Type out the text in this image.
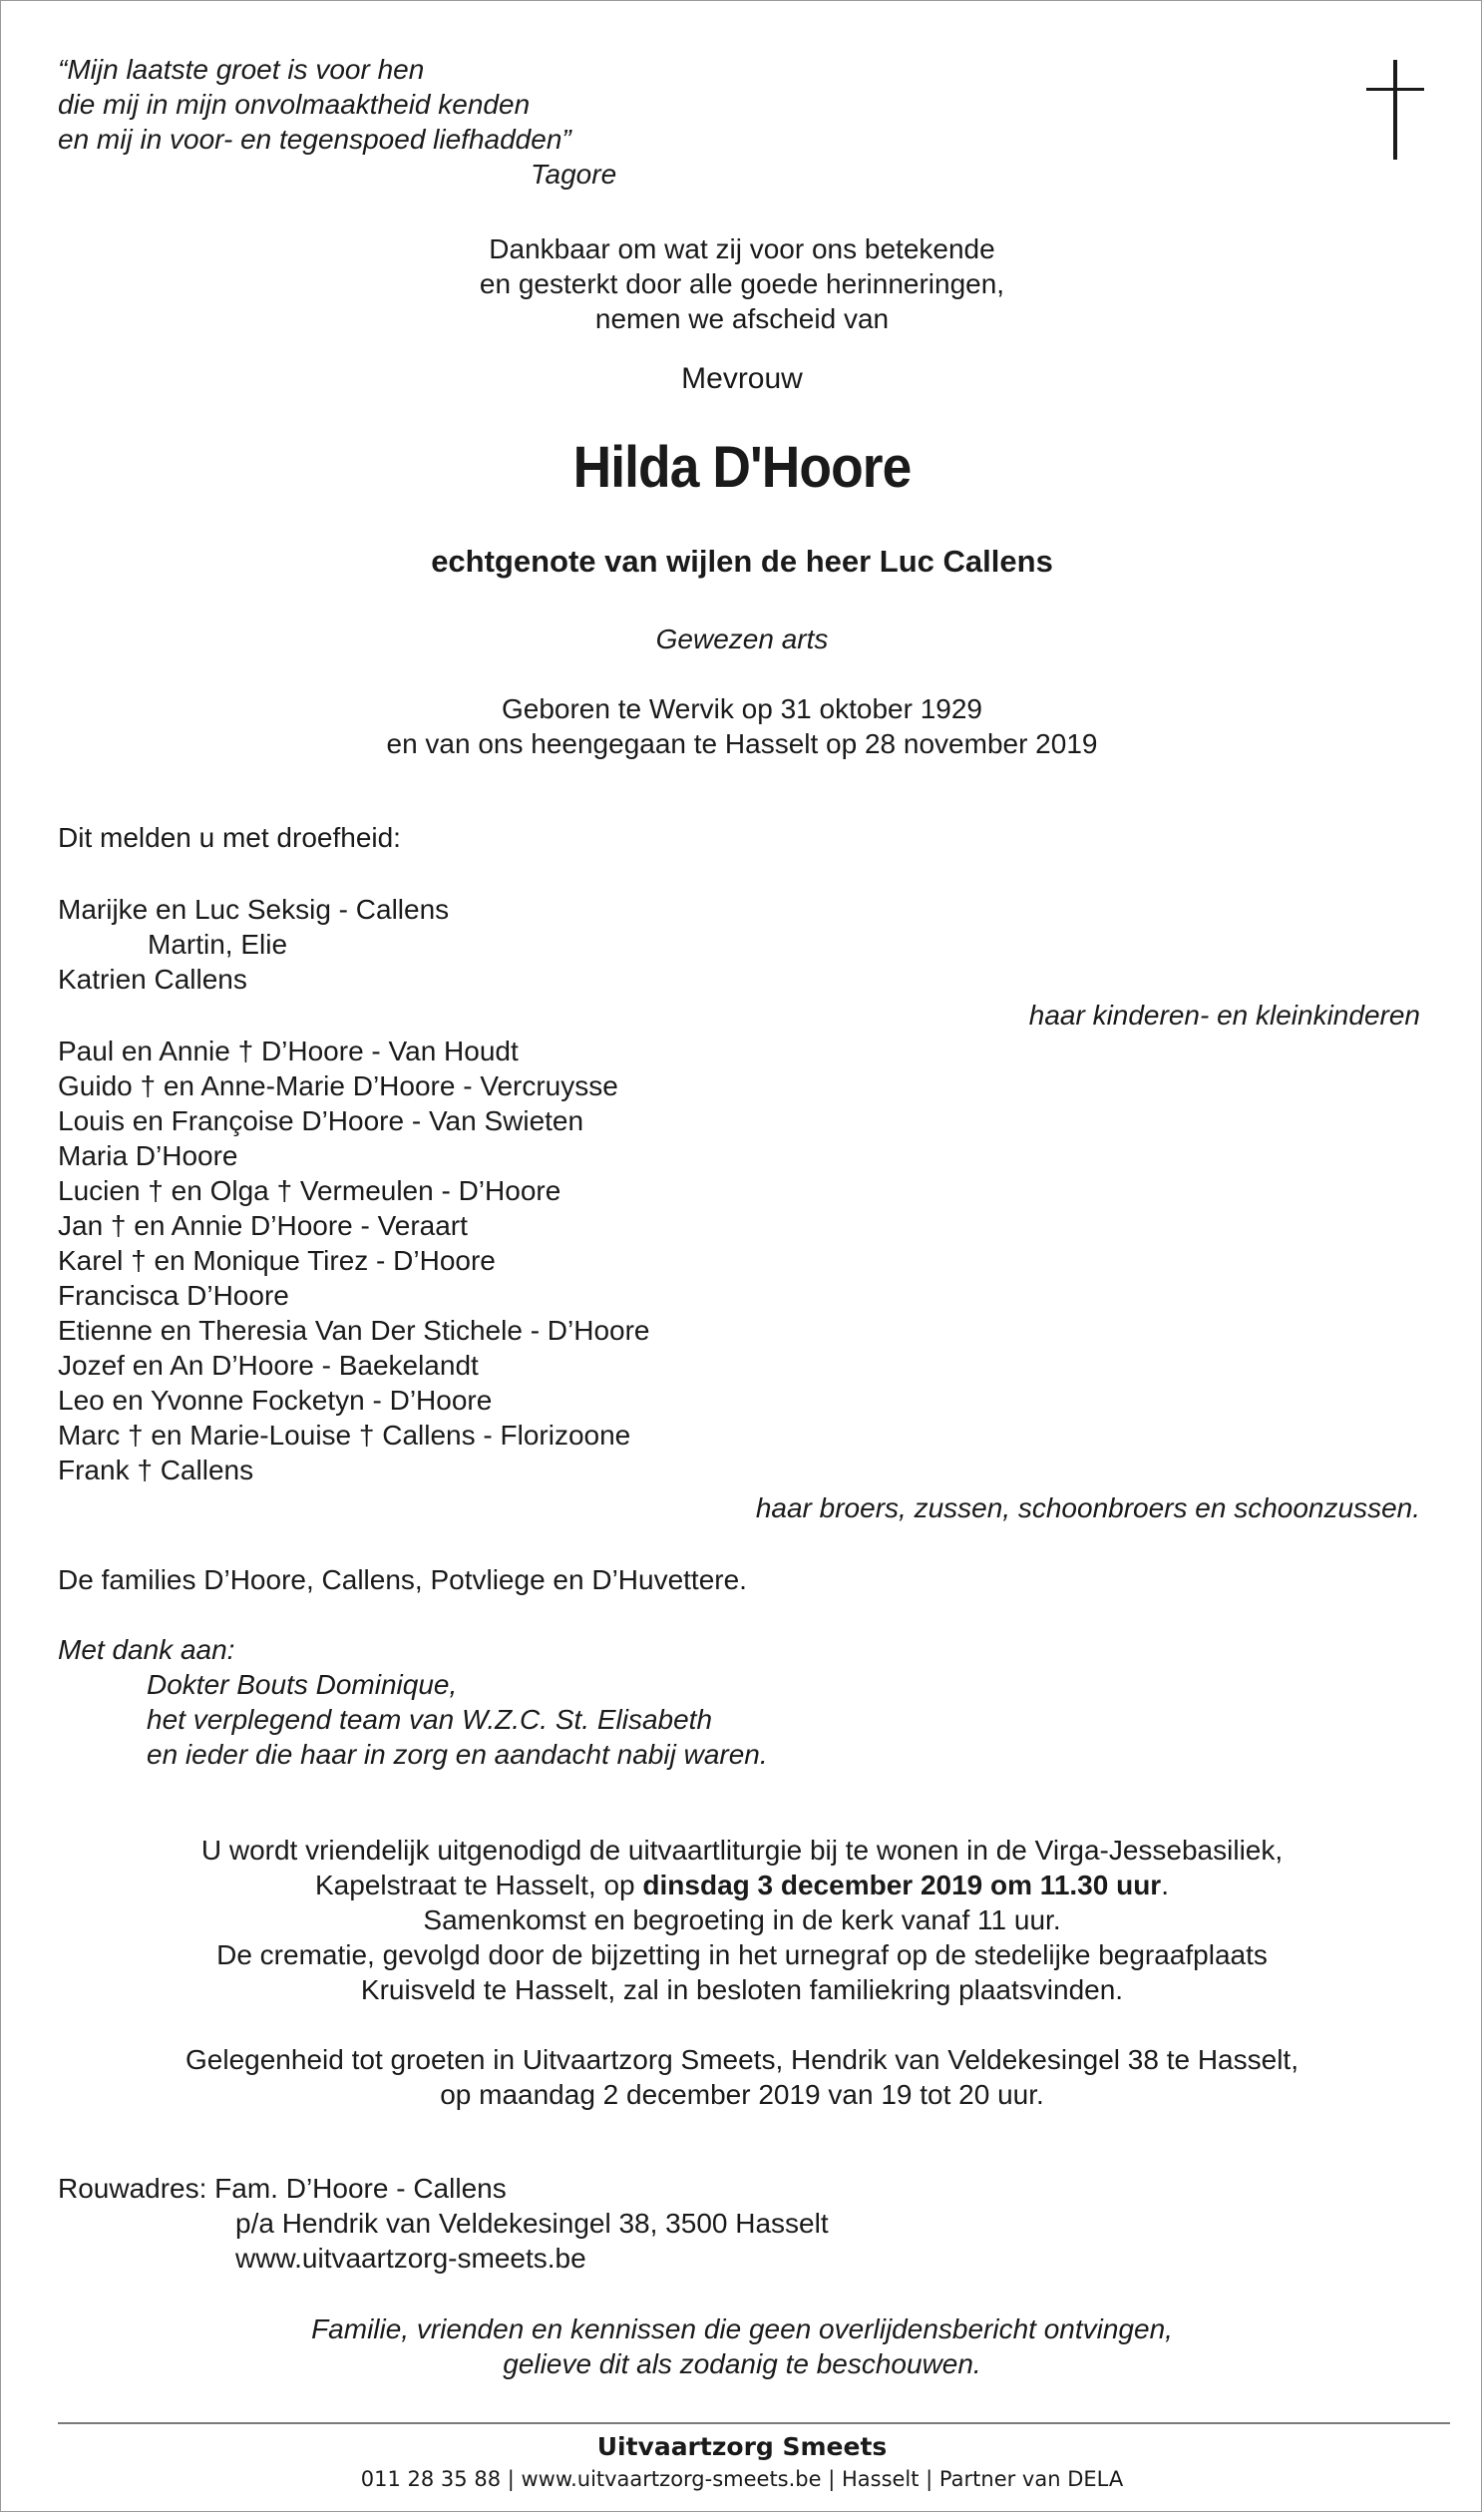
“Mijn laatste groet is voor hen
die mij in mijn onvolmaaktheid kenden
en mij in voor- en tegenspoed liefhadden”
Tagore
Dankbaar om wat zij voor ons betekende
en gesterkt door alle goede herinneringen,
nemen we afscheid van
Mevrouw
Hilda D'Hoore
echtgenote van wijlen de heer Luc Callens
Gewezen arts
Geboren te Wervik op 31 oktober 1929
en van ons heengegaan te Hasselt op 28 november 2019
Dit melden u met droefheid:
Marijke en Luc Seksig - Callens
Martin, Elie
Katrien Callens
haar kinderen- en kleinkinderen
Paul en Annie † D’Hoore - Van Houdt
Guido † en Anne-Marie D’Hoore - Vercruysse
Louis en Françoise D’Hoore - Van Swieten
Maria D’Hoore
Lucien † en Olga † Vermeulen - D’Hoore
Jan † en Annie D’Hoore - Veraart
Karel † en Monique Tirez - D’Hoore
Francisca D’Hoore
Etienne en Theresia Van Der Stichele - D’Hoore
Jozef en An D’Hoore - Baekelandt
Leo en Yvonne Focketyn - D’Hoore
Marc † en Marie-Louise † Callens - Florizoone
Frank † Callens
haar broers, zussen, schoonbroers en schoonzussen.
De families D’Hoore, Callens, Potvliege en D’Huvettere.
Met dank aan:
Dokter Bouts Dominique,
het verplegend team van W.Z.C. St. Elisabeth
en ieder die haar in zorg en aandacht nabij waren.
U wordt vriendelijk uitgenodigd de uitvaartliturgie bij te wonen in de Virga-Jessebasiliek,
Kapelstraat te Hasselt, op dinsdag 3 december 2019 om 11.30 uur.
Samenkomst en begroeting in de kerk vanaf 11 uur.
De crematie, gevolgd door de bijzetting in het urnegraf op de stedelijke begraafplaats
Kruisveld te Hasselt, zal in besloten familiekring plaatsvinden.
Gelegenheid tot groeten in Uitvaartzorg Smeets, Hendrik van Veldekesingel 38 te Hasselt,
op maandag 2 december 2019 van 19 tot 20 uur.
Rouwadres: Fam. D’Hoore - Callens
p/a Hendrik van Veldekesingel 38, 3500 Hasselt
www.uitvaartzorg-smeets.be
Familie, vrienden en kennissen die geen overlijdensbericht ontvingen,
gelieve dit als zodanig te beschouwen.
Uitvaartzorg Smeets
011 28 35 88 | www.uitvaartzorg-smeets.be | Hasselt | Partner van DELA
